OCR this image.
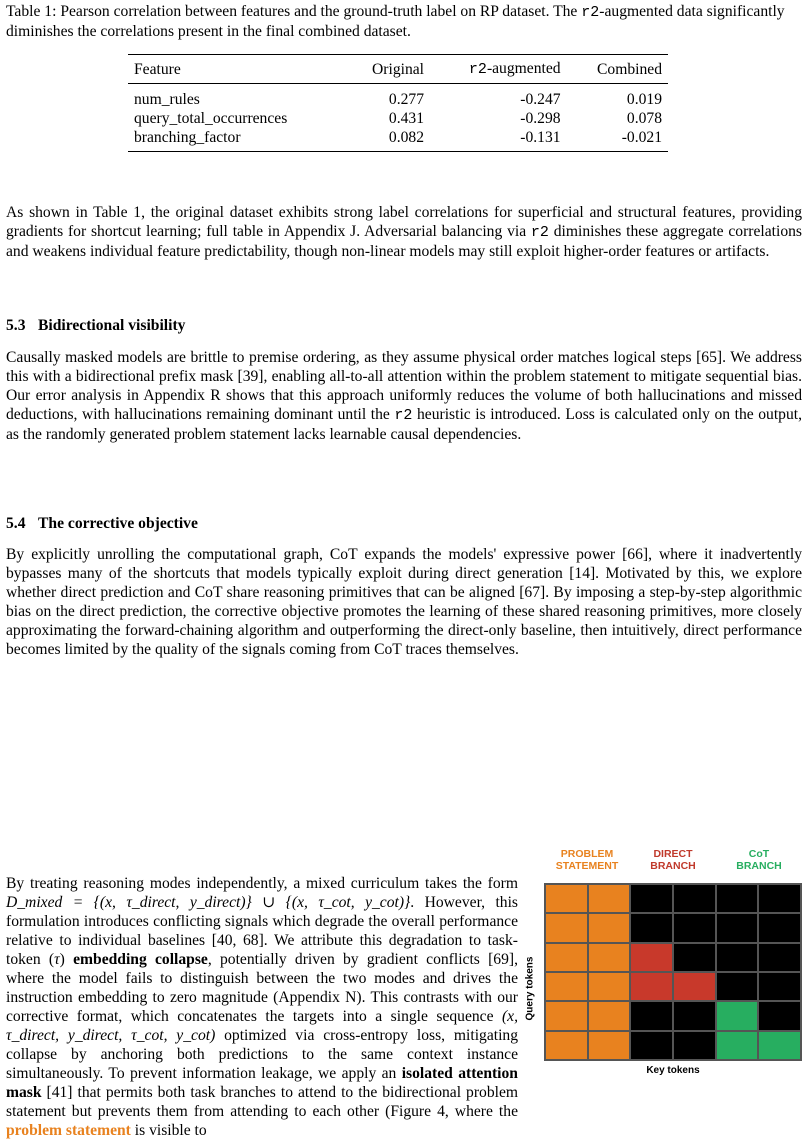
Table 1: Pearson correlation between features and the ground-truth label on RP dataset. The r2-augmented data significantly diminishes the correlations present in the final combined dataset.

Feature	Original	r2-augmented	Combined
num_rules	0.277	-0.247	0.019
query_total_occurrences	0.431	-0.298	0.078
branching_factor	0.082	-0.131	-0.021

As shown in Table 1, the original dataset exhibits strong label correlations for superficial and structural features, providing gradients for shortcut learning; full table in Appendix J. Adversarial balancing via r2 diminishes these aggregate correlations and weakens individual feature predictability, though non-linear models may still exploit higher-order features or artifacts.

5.3 Bidirectional visibility

Causally masked models are brittle to premise ordering, as they assume physical order matches logical steps [65]. We address this with a bidirectional prefix mask [39], enabling all-to-all attention within the problem statement to mitigate sequential bias. Our error analysis in Appendix R shows that this approach uniformly reduces the volume of both hallucinations and missed deductions, with hallucinations remaining dominant until the r2 heuristic is introduced. Loss is calculated only on the output, as the randomly generated problem statement lacks learnable causal dependencies.

5.4 The corrective objective

By explicitly unrolling the computational graph, CoT expands the models' expressive power [66], where it inadvertently bypasses many of the shortcuts that models typically exploit during direct generation [14]. Motivated by this, we explore whether direct prediction and CoT share reasoning primitives that can be aligned [67]. By imposing a step-by-step algorithmic bias on the direct prediction, the corrective objective promotes the learning of these shared reasoning primitives, more closely approximating the forward-chaining algorithm and outperforming the direct-only baseline, then intuitively, direct performance becomes limited by the quality of the signals coming from CoT traces themselves.

By treating reasoning modes independently, a mixed curriculum takes the form D_mixed = {(x, τ_direct, y_direct)} ∪ {(x, τ_cot, y_cot)}. However, this formulation introduces conflicting signals which degrade the overall performance relative to individual baselines [40, 68]. We attribute this degradation to task-token (τ) embedding collapse, potentially driven by gradient conflicts [69], where the model fails to distinguish between the two modes and drives the instruction embedding to zero magnitude (Appendix N). This contrasts with our corrective format, which concatenates the targets into a single sequence (x, τ_direct, y_direct, τ_cot, y_cot) optimized via cross-entropy loss, mitigating collapse by anchoring both predictions to the same context instance simultaneously. To prevent information leakage, we apply an isolated attention mask [41] that permits both task branches to attend to the bidirectional problem statement but prevents them from attending to each other (Figure 4, where the problem statement is visible to

PROBLEM
STATEMENT
DIRECT
BRANCH
CoT
BRANCH
Query tokens
Key tokens
